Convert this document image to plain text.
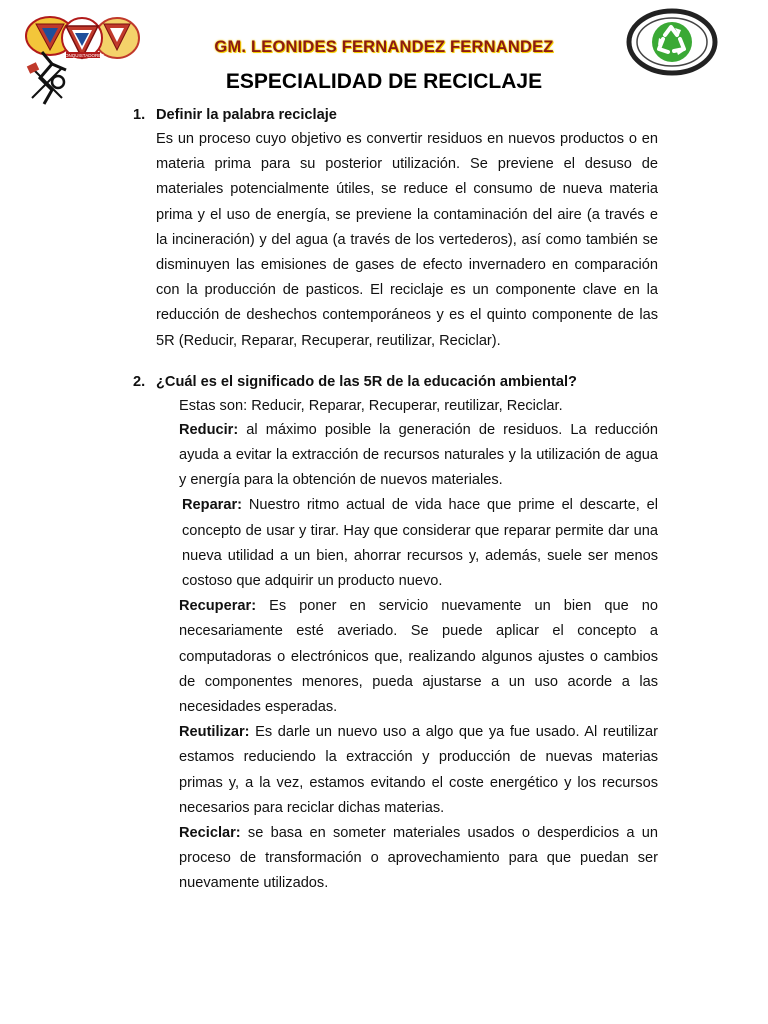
CONQUISTADORES	GM. LEONIDES FERNANDEZ FERNANDEZ
ESPECIALIDAD DE RECICLAJE
1. Definir la palabra reciclaje
Es un proceso cuyo objetivo es convertir residuos en nuevos productos o en materia prima para su posterior utilización. Se previene el desuso de materiales potencialmente útiles, se reduce el consumo de nueva materia prima y el uso de energía, se previene la contaminación del aire (a través e la incineración) y del agua (a través de los vertederos), así como también se disminuyen las emisiones de gases de efecto invernadero en comparación con la producción de pasticos. El reciclaje es un componente clave en la reducción de deshechos contemporáneos y es el quinto componente de las 5R (Reducir, Reparar, Recuperar, reutilizar, Reciclar).
2. ¿Cuál es el significado de las 5R de la educación ambiental?
Estas son: Reducir, Reparar, Recuperar, reutilizar, Reciclar.
Reducir: al máximo posible la generación de residuos. La reducción ayuda a evitar la extracción de recursos naturales y la utilización de agua y energía para la obtención de nuevos materiales.
Reparar: Nuestro ritmo actual de vida hace que prime el descarte, el concepto de usar y tirar. Hay que considerar que reparar permite dar una nueva utilidad a un bien, ahorrar recursos y, además, suele ser menos costoso que adquirir un producto nuevo.
Recuperar: Es poner en servicio nuevamente un bien que no necesariamente esté averiado. Se puede aplicar el concepto a computadoras o electrónicos que, realizando algunos ajustes o cambios de componentes menores, pueda ajustarse a un uso acorde a las necesidades esperadas.
Reutilizar: Es darle un nuevo uso a algo que ya fue usado. Al reutilizar estamos reduciendo la extracción y producción de nuevas materias primas y, a la vez, estamos evitando el coste energético y los recursos necesarios para reciclar dichas materias.
Reciclar: se basa en someter materiales usados o desperdicios a un proceso de transformación o aprovechamiento para que puedan ser nuevamente utilizados.
